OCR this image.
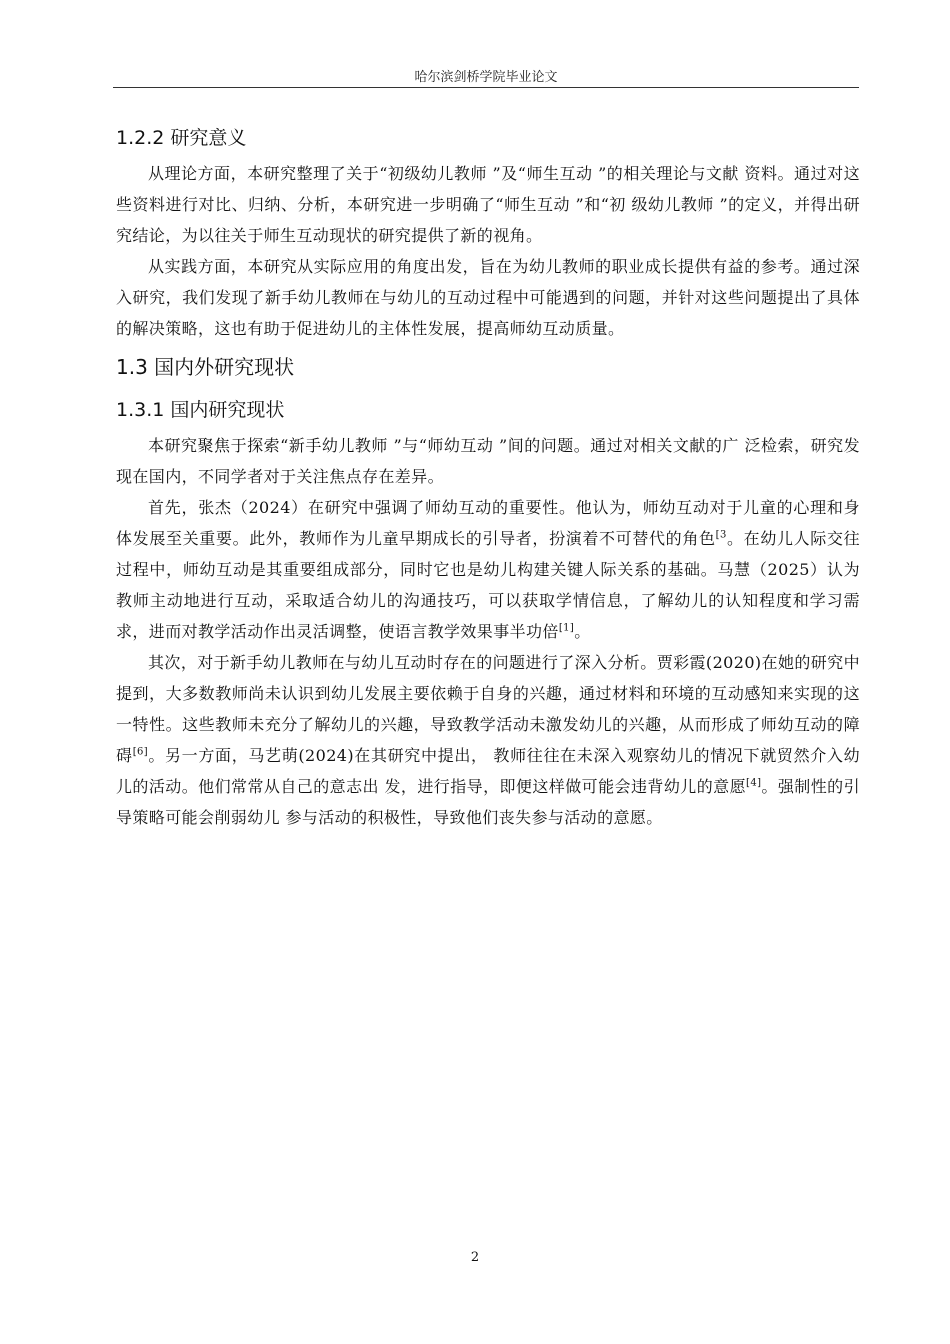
哈尔滨剑桥学院毕业论文
1.2.2 研究意义

从理论方面，本研究整理了关于“初级幼儿教师 ”及“师生互动 ”的相关理论与文献 资料。通过对这些资料进行对比、归纳、分析，本研究进一步明确了“师生互动 ”和“初 级幼儿教师 ”的定义，并得出研究结论，为以往关于师生互动现状的研究提供了新的视角。

从实践方面，本研究从实际应用的角度出发，旨在为幼儿教师的职业成长提供有益的参考。通过深入研究，我们发现了新手幼儿教师在与幼儿的互动过程中可能遇到的问题，并针对这些问题提出了具体的解决策略，这也有助于促进幼儿的主体性发展，提高师幼互动质量。

1.3 国内外研究现状
1.3.1 国内研究现状

本研究聚焦于探索“新手幼儿教师 ”与“师幼互动 ”间的问题。通过对相关文献的广 泛检索，研究发现在国内，不同学者对于关注焦点存在差异。

首先，张杰（2024）在研究中强调了师幼互动的重要性。他认为，师幼互动对于儿童的心理和身体发展至关重要。此外，教师作为儿童早期成长的引导者，扮演着不可替代的角色$^{[3}$。在幼儿人际交往过程中，师幼互动是其重要组成部分，同时它也是幼儿构建关键人际关系的基础。马慧（2025）认为教师主动地进行互动，采取适合幼儿的沟通技巧，可以获取学情信息，了解幼儿的认知程度和学习需求，进而对教学活动作出灵活调整，使语言教学效果事半功倍[1]。

其次，对于新手幼儿教师在与幼儿互动时存在的问题进行了深入分析。贾彩霞(2020)在她的研究中提到，大多数教师尚未认识到幼儿发展主要依赖于自身的兴趣，通过材料和环境的互动感知来实现的这一特性。这些教师未充分了解幼儿的兴趣，导致教学活动未激发幼儿的兴趣，从而形成了师幼互动的障碍[6]。另一方面，马艺萌(2024)在其研究中提出， 教师往往在未深入观察幼儿的情况下就贸然介入幼儿的活动。他们常常从自己的意志出 发，进行指导，即便这样做可能会违背幼儿的意愿[4]。强制性的引导策略可能会削弱幼儿 参与活动的积极性，导致他们丧失参与活动的意愿。

2
